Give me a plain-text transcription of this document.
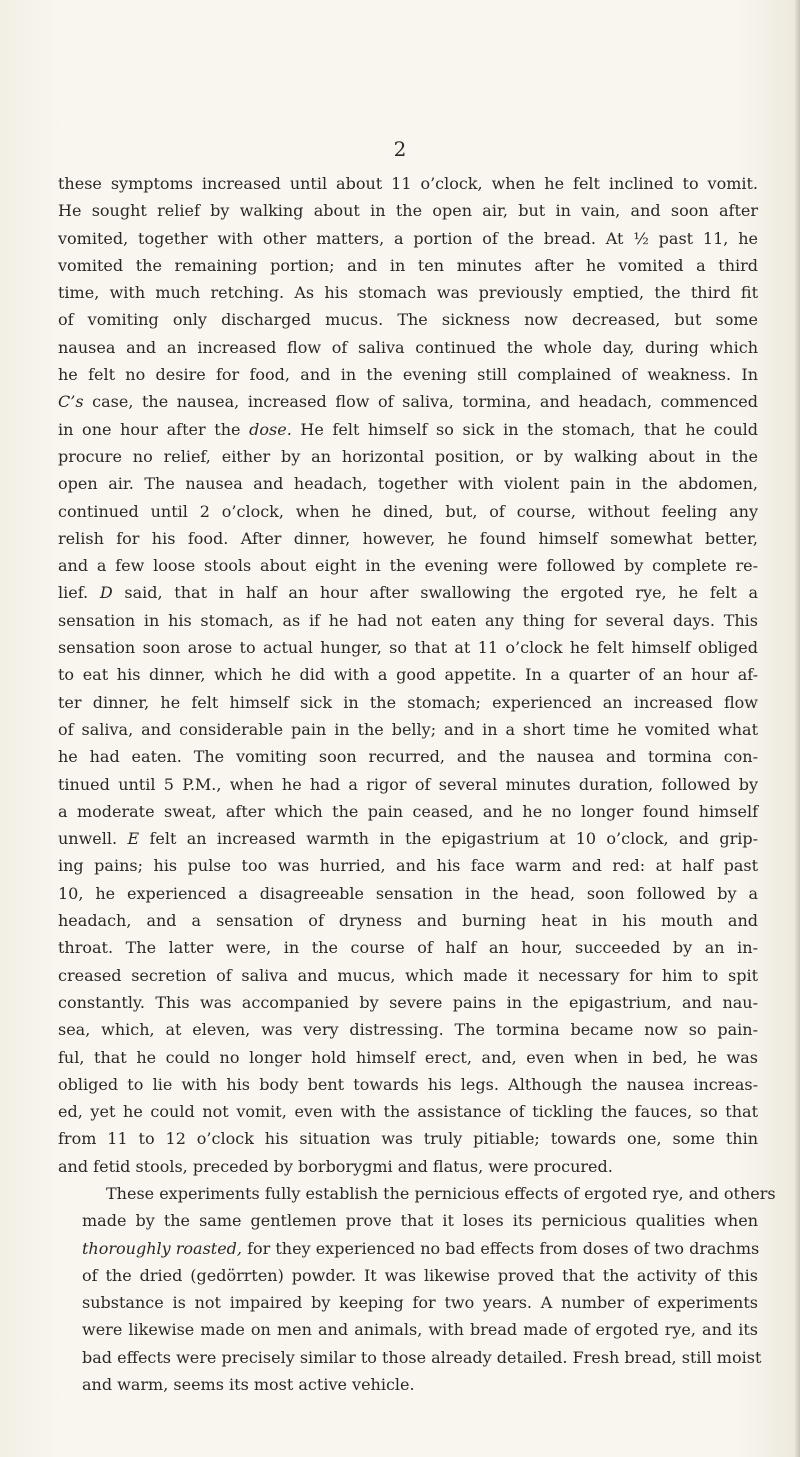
2

these symptoms increased until about 11 o’clock, when he felt inclined to vomit.
He sought relief by walking about in the open air, but in vain, and soon after
vomited, together with other matters, a portion of the bread. At ½ past 11, he
vomited the remaining portion; and in ten minutes after he vomited a third
time, with much retching. As his stomach was previously emptied, the third fit
of vomiting only discharged mucus. The sickness now decreased, but some
nausea and an increased flow of saliva continued the whole day, during which
he felt no desire for food, and in the evening still complained of weakness. In
C’s case, the nausea, increased flow of saliva, tormina, and headach, commenced
in one hour after the dose. He felt himself so sick in the stomach, that he could
procure no relief, either by an horizontal position, or by walking about in the
open air. The nausea and headach, together with violent pain in the abdomen,
continued until 2 o’clock, when he dined, but, of course, without feeling any
relish for his food. After dinner, however, he found himself somewhat better,
and a few loose stools about eight in the evening were followed by complete re-
lief. D said, that in half an hour after swallowing the ergoted rye, he felt a
sensation in his stomach, as if he had not eaten any thing for several days. This
sensation soon arose to actual hunger, so that at 11 o’clock he felt himself obliged
to eat his dinner, which he did with a good appetite. In a quarter of an hour af-
ter dinner, he felt himself sick in the stomach; experienced an increased flow
of saliva, and considerable pain in the belly; and in a short time he vomited what
he had eaten. The vomiting soon recurred, and the nausea and tormina con-
tinued until 5 P.M., when he had a rigor of several minutes duration, followed by
a moderate sweat, after which the pain ceased, and he no longer found himself
unwell. E felt an increased warmth in the epigastrium at 10 o’clock, and grip-
ing pains; his pulse too was hurried, and his face warm and red: at half past
10, he experienced a disagreeable sensation in the head, soon followed by a
headach, and a sensation of dryness and burning heat in his mouth and
throat. The latter were, in the course of half an hour, succeeded by an in-
creased secretion of saliva and mucus, which made it necessary for him to spit
constantly. This was accompanied by severe pains in the epigastrium, and nau-
sea, which, at eleven, was very distressing. The tormina became now so pain-
ful, that he could no longer hold himself erect, and, even when in bed, he was
obliged to lie with his body bent towards his legs. Although the nausea increas-
ed, yet he could not vomit, even with the assistance of tickling the fauces, so that
from 11 to 12 o’clock his situation was truly pitiable; towards one, some thin
and fetid stools, preceded by borborygmi and flatus, were procured.

These experiments fully establish the pernicious effects of ergoted rye, and others
made by the same gentlemen prove that it loses its pernicious qualities when
thoroughly roasted, for they experienced no bad effects from doses of two drachms
of the dried (gedörrten) powder. It was likewise proved that the activity of this
substance is not impaired by keeping for two years. A number of experiments
were likewise made on men and animals, with bread made of ergoted rye, and its
bad effects were precisely similar to those already detailed. Fresh bread, still moist
and warm, seems its most active vehicle.
